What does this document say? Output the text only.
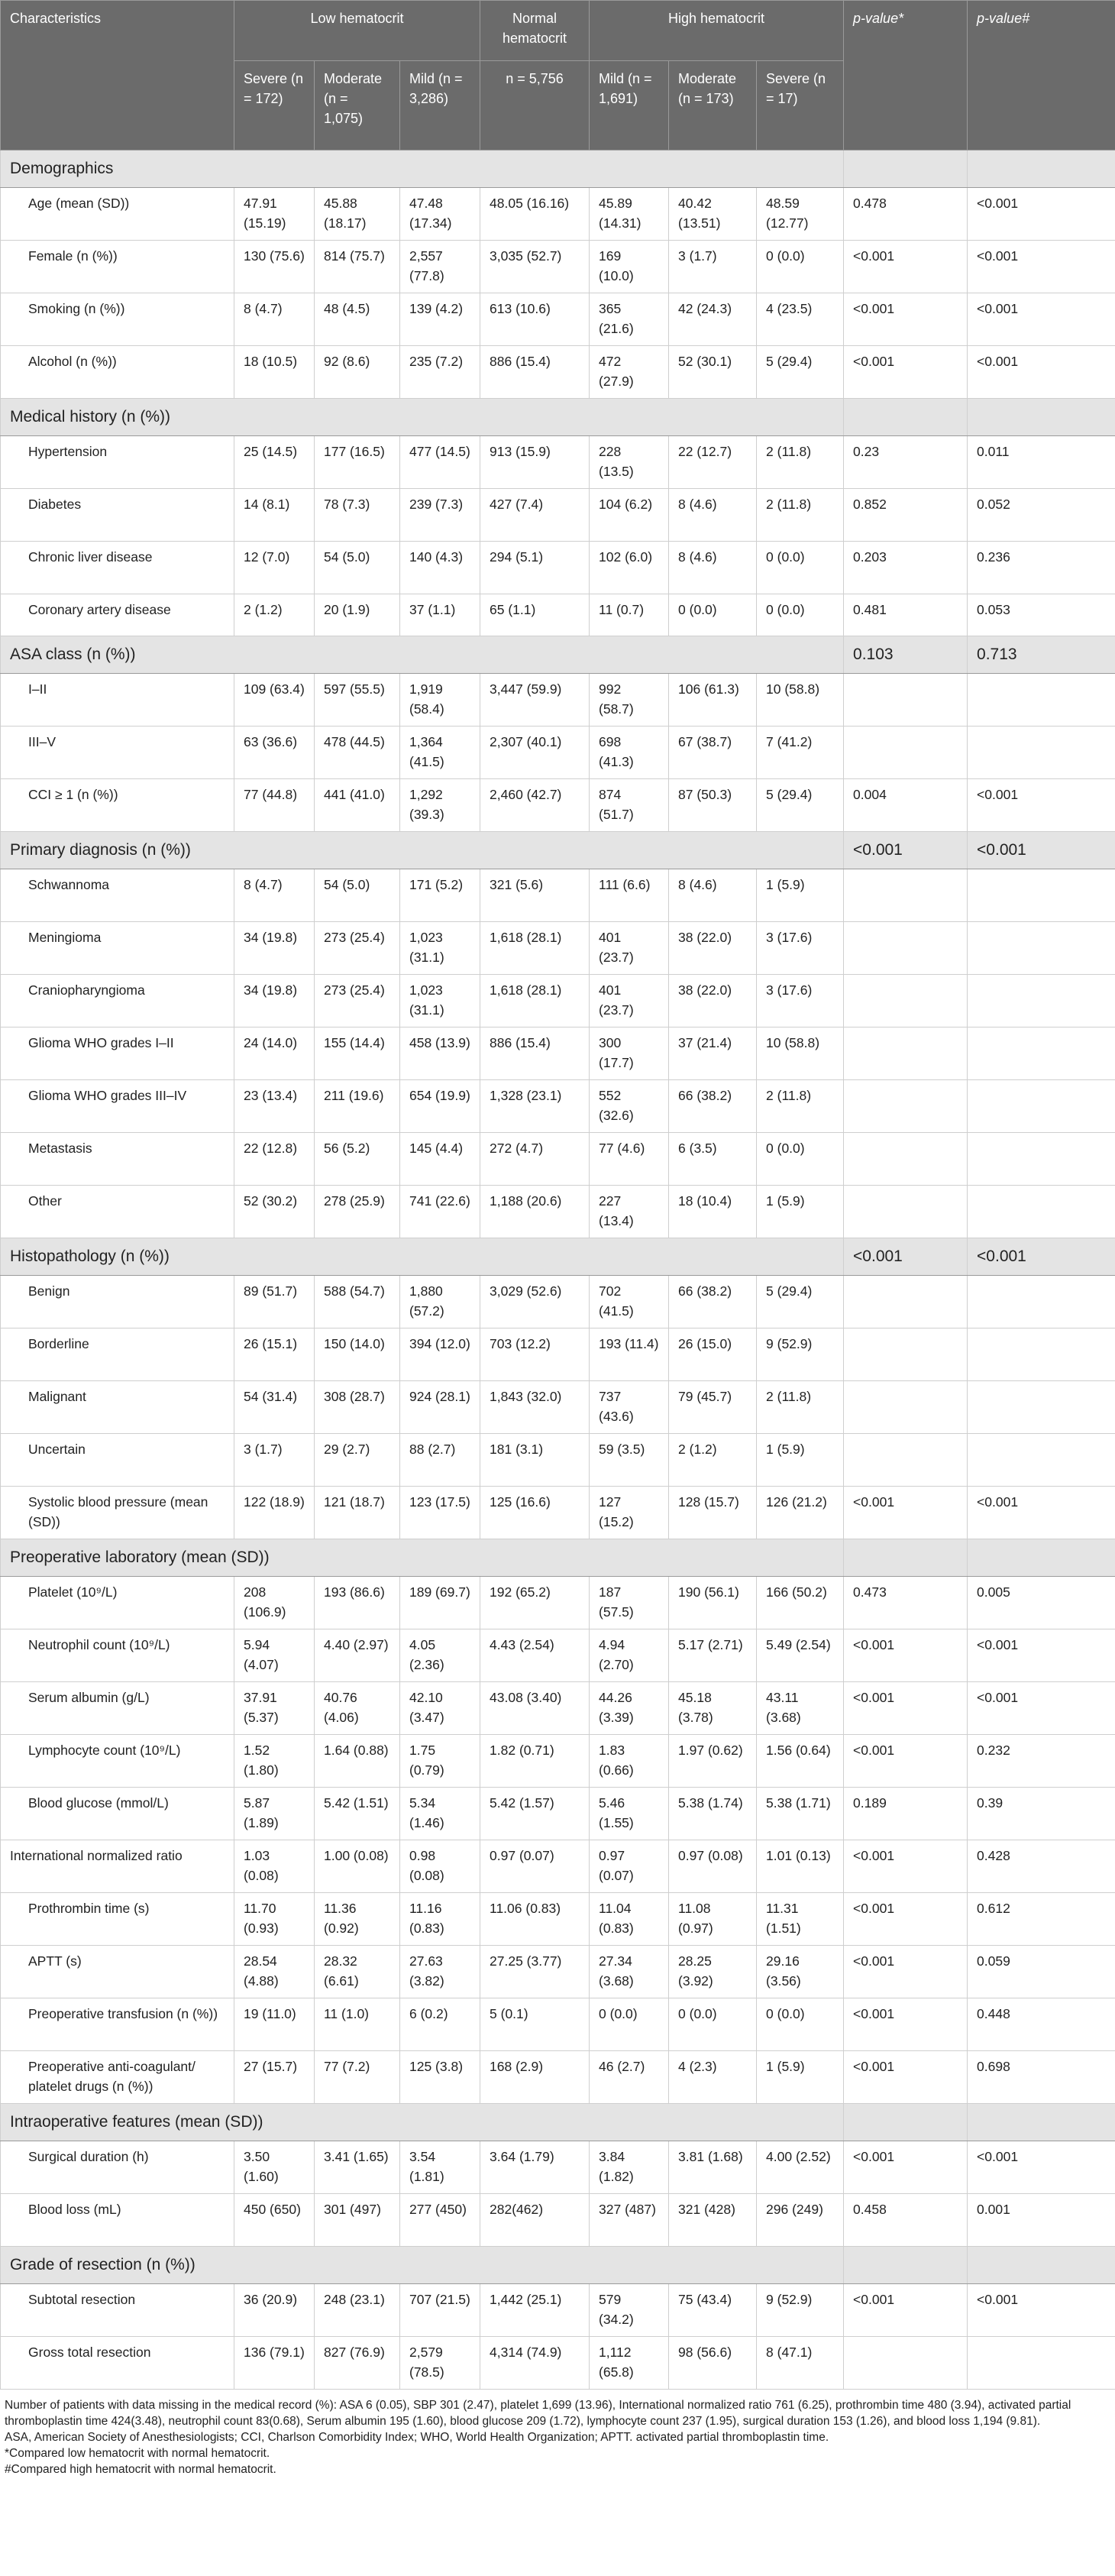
Characteristics	Low hematocrit			Normal hematocrit	High hematocrit			p-value*	p-value#
	Severe (n = 172)	Moderate (n = 1,075)	Mild (n = 3,286)	n = 5,756	Mild (n = 1,691)	Moderate (n = 173)	Severe (n = 17)		
Demographics									
Age (mean (SD))	47.91 (15.19)	45.88 (18.17)	47.48 (17.34)	48.05 (16.16)	45.89 (14.31)	40.42 (13.51)	48.59 (12.77)	0.478	<0.001
Female (n (%))	130 (75.6)	814 (75.7)	2,557 (77.8)	3,035 (52.7)	169 (10.0)	3 (1.7)	0 (0.0)	<0.001	<0.001
Smoking (n (%))	8 (4.7)	48 (4.5)	139 (4.2)	613 (10.6)	365 (21.6)	42 (24.3)	4 (23.5)	<0.001	<0.001
Alcohol (n (%))	18 (10.5)	92 (8.6)	235 (7.2)	886 (15.4)	472 (27.9)	52 (30.1)	5 (29.4)	<0.001	<0.001
Medical history (n (%))									
Hypertension	25 (14.5)	177 (16.5)	477 (14.5)	913 (15.9)	228 (13.5)	22 (12.7)	2 (11.8)	0.23	0.011
Diabetes	14 (8.1)	78 (7.3)	239 (7.3)	427 (7.4)	104 (6.2)	8 (4.6)	2 (11.8)	0.852	0.052
Chronic liver disease	12 (7.0)	54 (5.0)	140 (4.3)	294 (5.1)	102 (6.0)	8 (4.6)	0 (0.0)	0.203	0.236
Coronary artery disease	2 (1.2)	20 (1.9)	37 (1.1)	65 (1.1)	11 (0.7)	0 (0.0)	0 (0.0)	0.481	0.053
ASA class (n (%))								0.103	0.713
I–II	109 (63.4)	597 (55.5)	1,919 (58.4)	3,447 (59.9)	992 (58.7)	106 (61.3)	10 (58.8)		
III–V	63 (36.6)	478 (44.5)	1,364 (41.5)	2,307 (40.1)	698 (41.3)	67 (38.7)	7 (41.2)		
CCI ≥ 1 (n (%))	77 (44.8)	441 (41.0)	1,292 (39.3)	2,460 (42.7)	874 (51.7)	87 (50.3)	5 (29.4)	0.004	<0.001
Primary diagnosis (n (%))								<0.001	<0.001
Schwannoma	8 (4.7)	54 (5.0)	171 (5.2)	321 (5.6)	111 (6.6)	8 (4.6)	1 (5.9)		
Meningioma	34 (19.8)	273 (25.4)	1,023 (31.1)	1,618 (28.1)	401 (23.7)	38 (22.0)	3 (17.6)		
Craniopharyngioma	34 (19.8)	273 (25.4)	1,023 (31.1)	1,618 (28.1)	401 (23.7)	38 (22.0)	3 (17.6)		
Glioma WHO grades I–II	24 (14.0)	155 (14.4)	458 (13.9)	886 (15.4)	300 (17.7)	37 (21.4)	10 (58.8)		
Glioma WHO grades III–IV	23 (13.4)	211 (19.6)	654 (19.9)	1,328 (23.1)	552 (32.6)	66 (38.2)	2 (11.8)		
Metastasis	22 (12.8)	56 (5.2)	145 (4.4)	272 (4.7)	77 (4.6)	6 (3.5)	0 (0.0)		
Other	52 (30.2)	278 (25.9)	741 (22.6)	1,188 (20.6)	227 (13.4)	18 (10.4)	1 (5.9)		
Histopathology (n (%))								<0.001	<0.001
Benign	89 (51.7)	588 (54.7)	1,880 (57.2)	3,029 (52.6)	702 (41.5)	66 (38.2)	5 (29.4)		
Borderline	26 (15.1)	150 (14.0)	394 (12.0)	703 (12.2)	193 (11.4)	26 (15.0)	9 (52.9)		
Malignant	54 (31.4)	308 (28.7)	924 (28.1)	1,843 (32.0)	737 (43.6)	79 (45.7)	2 (11.8)		
Uncertain	3 (1.7)	29 (2.7)	88 (2.7)	181 (3.1)	59 (3.5)	2 (1.2)	1 (5.9)		
Systolic blood pressure (mean (SD))	122 (18.9)	121 (18.7)	123 (17.5)	125 (16.6)	127 (15.2)	128 (15.7)	126 (21.2)	<0.001	<0.001
Preoperative laboratory (mean (SD))									
Platelet (10⁹/L)	208 (106.9)	193 (86.6)	189 (69.7)	192 (65.2)	187 (57.5)	190 (56.1)	166 (50.2)	0.473	0.005
Neutrophil count (10⁹/L)	5.94 (4.07)	4.40 (2.97)	4.05 (2.36)	4.43 (2.54)	4.94 (2.70)	5.17 (2.71)	5.49 (2.54)	<0.001	<0.001
Serum albumin (g/L)	37.91 (5.37)	40.76 (4.06)	42.10 (3.47)	43.08 (3.40)	44.26 (3.39)	45.18 (3.78)	43.11 (3.68)	<0.001	<0.001
Lymphocyte count (10⁹/L)	1.52 (1.80)	1.64 (0.88)	1.75 (0.79)	1.82 (0.71)	1.83 (0.66)	1.97 (0.62)	1.56 (0.64)	<0.001	0.232
Blood glucose (mmol/L)	5.87 (1.89)	5.42 (1.51)	5.34 (1.46)	5.42 (1.57)	5.46 (1.55)	5.38 (1.74)	5.38 (1.71)	0.189	0.39
International normalized ratio	1.03 (0.08)	1.00 (0.08)	0.98 (0.08)	0.97 (0.07)	0.97 (0.07)	0.97 (0.08)	1.01 (0.13)	<0.001	0.428
Prothrombin time (s)	11.70 (0.93)	11.36 (0.92)	11.16 (0.83)	11.06 (0.83)	11.04 (0.83)	11.08 (0.97)	11.31 (1.51)	<0.001	0.612
APTT (s)	28.54 (4.88)	28.32 (6.61)	27.63 (3.82)	27.25 (3.77)	27.34 (3.68)	28.25 (3.92)	29.16 (3.56)	<0.001	0.059
Preoperative transfusion (n (%))	19 (11.0)	11 (1.0)	6 (0.2)	5 (0.1)	0 (0.0)	0 (0.0)	0 (0.0)	<0.001	0.448
Preoperative anti-coagulant/ platelet drugs (n (%))	27 (15.7)	77 (7.2)	125 (3.8)	168 (2.9)	46 (2.7)	4 (2.3)	1 (5.9)	<0.001	0.698
Intraoperative features (mean (SD))									
Surgical duration (h)	3.50 (1.60)	3.41 (1.65)	3.54 (1.81)	3.64 (1.79)	3.84 (1.82)	3.81 (1.68)	4.00 (2.52)	<0.001	<0.001
Blood loss (mL)	450 (650)	301 (497)	277 (450)	282(462)	327 (487)	321 (428)	296 (249)	0.458	0.001
Grade of resection (n (%))									
Subtotal resection	36 (20.9)	248 (23.1)	707 (21.5)	1,442 (25.1)	579 (34.2)	75 (43.4)	9 (52.9)	<0.001	<0.001
Gross total resection	136 (79.1)	827 (76.9)	2,579 (78.5)	4,314 (74.9)	1,112 (65.8)	98 (56.6)	8 (47.1)		

Number of patients with data missing in the medical record (%): ASA 6 (0.05), SBP 301 (2.47), platelet 1,699 (13.96), International normalized ratio 761 (6.25), prothrombin time 480 (3.94), activated partial thromboplastin time 424(3.48), neutrophil count 83(0.68), Serum albumin 195 (1.60), blood glucose 209 (1.72), lymphocyte count 237 (1.95), surgical duration 153 (1.26), and blood loss 1,194 (9.81).

ASA, American Society of Anesthesiologists; CCI, Charlson Comorbidity Index; WHO, World Health Organization; APTT. activated partial thromboplastin time.

*Compared low hematocrit with normal hematocrit.

#Compared high hematocrit with normal hematocrit.
